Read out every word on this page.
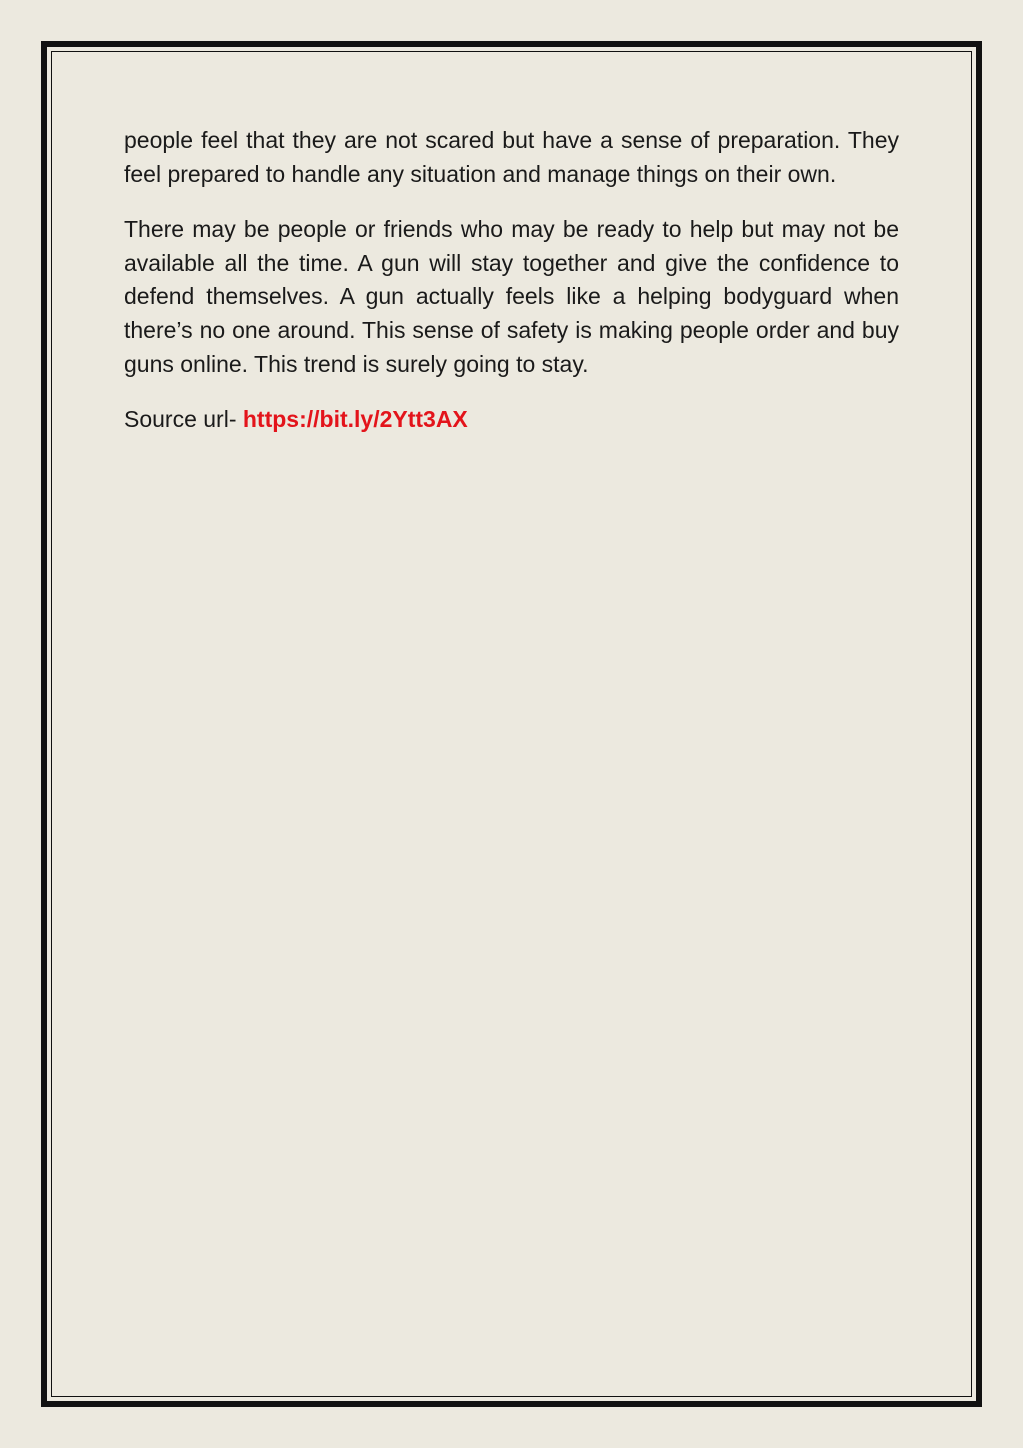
people feel that they are not scared but have a sense of preparation. They feel prepared to handle any situation and manage things on their own.

There may be people or friends who may be ready to help but may not be available all the time. A gun will stay together and give the confidence to defend themselves. A gun actually feels like a helping bodyguard when there’s no one around. This sense of safety is making people order and buy guns online. This trend is surely going to stay.

Source url- https://bit.ly/2Ytt3AX
